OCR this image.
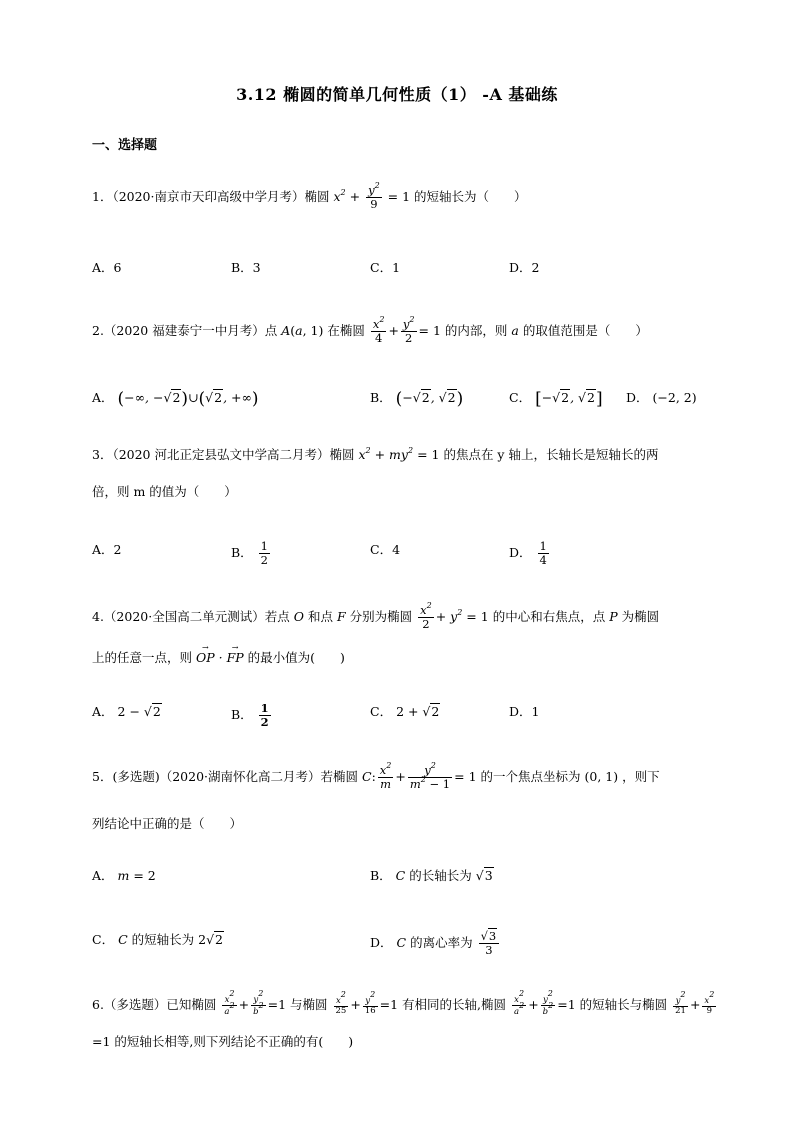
3.12 椭圆的简单几何性质（1） -A 基础练
一、选择题
1．（2020·南京市天印高级中学月考）椭圆 $x^2 + \frac{y^2}{9} = 1$ 的短轴长为（　　）
A．6	B．3	C．1	D．2
2.（2020 福建泰宁一中月考）点 A(a, 1) 在椭圆 $\frac{x^2}{4} + \frac{y^2}{2} = 1$ 的内部，则 a 的取值范围是（　　）
A． (−∞, −√2)∪(√2, +∞)	B． (−√2, √2)	C． [−√2, √2] D． (−2, 2)
3．（2020 河北正定县弘文中学高二月考）椭圆 $x^2 + my^2 = 1$ 的焦点在 y 轴上，长轴长是短轴长的两
倍，则 m 的值为（　　）
A．2	B． $\frac{1}{2}$	C．4	D． $\frac{1}{4}$
4.（2020·全国高二单元测试）若点 O 和点 F 分别为椭圆 $\frac{x^2}{2} + y^2 = 1$ 的中心和右焦点，点 P 为椭圆
上的任意一点，则 → OP · → FP 的最小值为(　　)
A． 2 − √2	B． $\frac{1}{2}$	C． 2 + √2	D．1
5．(多选题)（2020·湖南怀化高二月考）若椭圆 C: $\frac{x^2}{m} + \frac{y^2}{m^2 - 1} = 1$ 的一个焦点坐标为 (0, 1) ，则下
列结论中正确的是（　　）
A． m = 2	B． C 的长轴长为 √3
C． C 的短轴长为 2√2	D． C 的离心率为 $\frac{√3}{3}$
6.（多选题）已知椭圆 $\frac{x^2}{a^2} + \frac{y^2}{b^2} =1$ 与椭圆 $\frac{x^2}{25} + \frac{y^2}{16} =1$ 有相同的长轴,椭圆 $\frac{x^2}{a^2} + \frac{y^2}{b^2} =1$ 的短轴长与椭圆 $\frac{y^2}{21} + \frac{x^2}{9}$
=1 的短轴长相等,则下列结论不正确的有(　　)
